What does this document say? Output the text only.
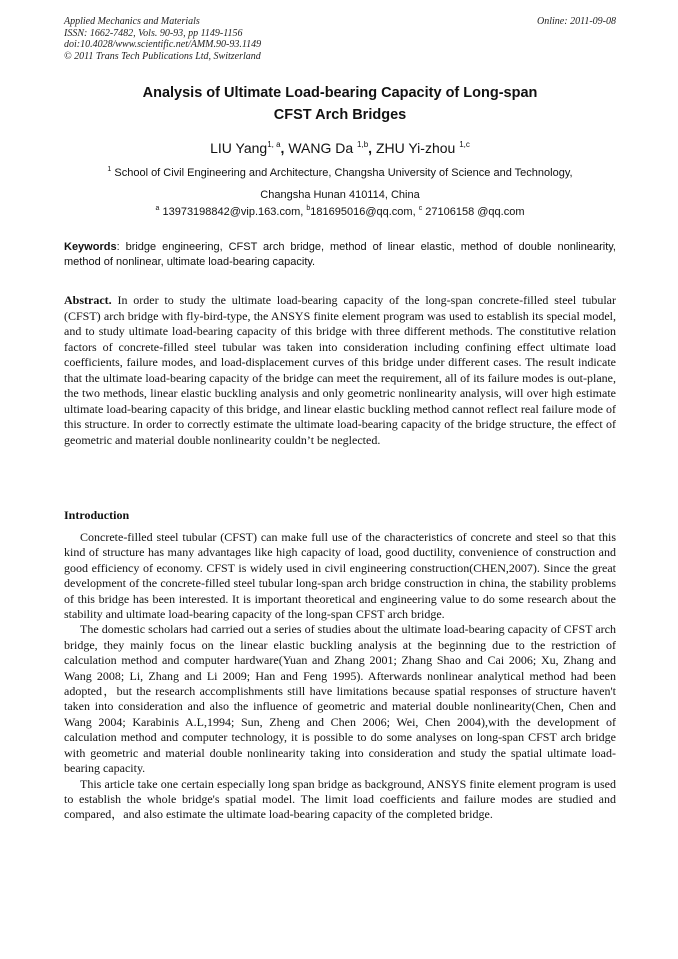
Applied Mechanics and Materials
ISSN: 1662-7482, Vols. 90-93, pp 1149-1156
doi:10.4028/www.scientific.net/AMM.90-93.1149
© 2011 Trans Tech Publications Ltd, Switzerland
Online: 2011-09-08
Analysis of Ultimate Load-bearing Capacity of Long-span
CFST Arch Bridges
LIU Yang$^{1, a}$, WANG Da $^{1,b}$, ZHU Yi-zhou $^{1,c}$
$^1$ School of Civil Engineering and Architecture, Changsha University of Science and Technology,
Changsha Hunan 410114, China
$^a$ 13973198842@vip.163.com, $^b$181695016@qq.com, $^c$ 27106158 @qq.com
Keywords: bridge engineering, CFST arch bridge, method of linear elastic, method of double nonlinearity, method of nonlinear, ultimate load-bearing capacity.
Abstract. In order to study the ultimate load-bearing capacity of the long-span concrete-filled steel tubular (CFST) arch bridge with fly-bird-type, the ANSYS finite element program was used to establish its special model, and to study ultimate load-bearing capacity of this bridge with three different methods. The constitutive relation factors of concrete-filled steel tubular was taken into consideration including confining effect ultimate load coefficients, failure modes, and load-displacement curves of this bridge under different cases. The result indicate that the ultimate load-bearing capacity of the bridge can meet the requirement, all of its failure modes is out-plane, the two methods, linear elastic buckling analysis and only geometric nonlinearity analysis, will over high estimate ultimate load-bearing capacity of this bridge, and linear elastic buckling method cannot reflect real failure mode of this structure. In order to correctly estimate the ultimate load-bearing capacity of the bridge structure, the effect of geometric and material double nonlinearity couldn’t be neglected.
Introduction

Concrete-filled steel tubular (CFST) can make full use of the characteristics of concrete and steel so that this kind of structure has many advantages like high capacity of load, good ductility, convenience of construction and good efficiency of economy. CFST is widely used in civil engineering construction(CHEN,2007). Since the great development of the concrete-filled steel tubular long-span arch bridge construction in china, the stability problems of this bridge has been interested. It is important theoretical and engineering value to do some research about the stability and ultimate load-bearing capacity of the long-span CFST arch bridge.

The domestic scholars had carried out a series of studies about the ultimate load-bearing capacity of CFST arch bridge, they mainly focus on the linear elastic buckling analysis at the beginning due to the restriction of calculation method and computer hardware(Yuan and Zhang 2001; Zhang Shao and Cai 2006; Xu, Zhang and Wang 2008; Li, Zhang and Li 2009; Han and Feng 1995). Afterwards nonlinear analytical method had been adopted，but the research accomplishments still have limitations because spatial responses of structure haven't taken into consideration and also the influence of geometric and material double nonlinearity(Chen, Chen and Wang 2004; Karabinis A.L,1994; Sun, Zheng and Chen 2006; Wei, Chen 2004),with the development of calculation method and computer technology, it is possible to do some analyses on long-span CFST arch bridge with geometric and material double nonlinearity taking into consideration and study the spatial ultimate load-bearing capacity.

This article take one certain especially long span bridge as background, ANSYS finite element program is used to establish the whole bridge's spatial model. The limit load coefficients and failure modes are studied and compared，and also estimate the ultimate load-bearing capacity of the completed bridge.
